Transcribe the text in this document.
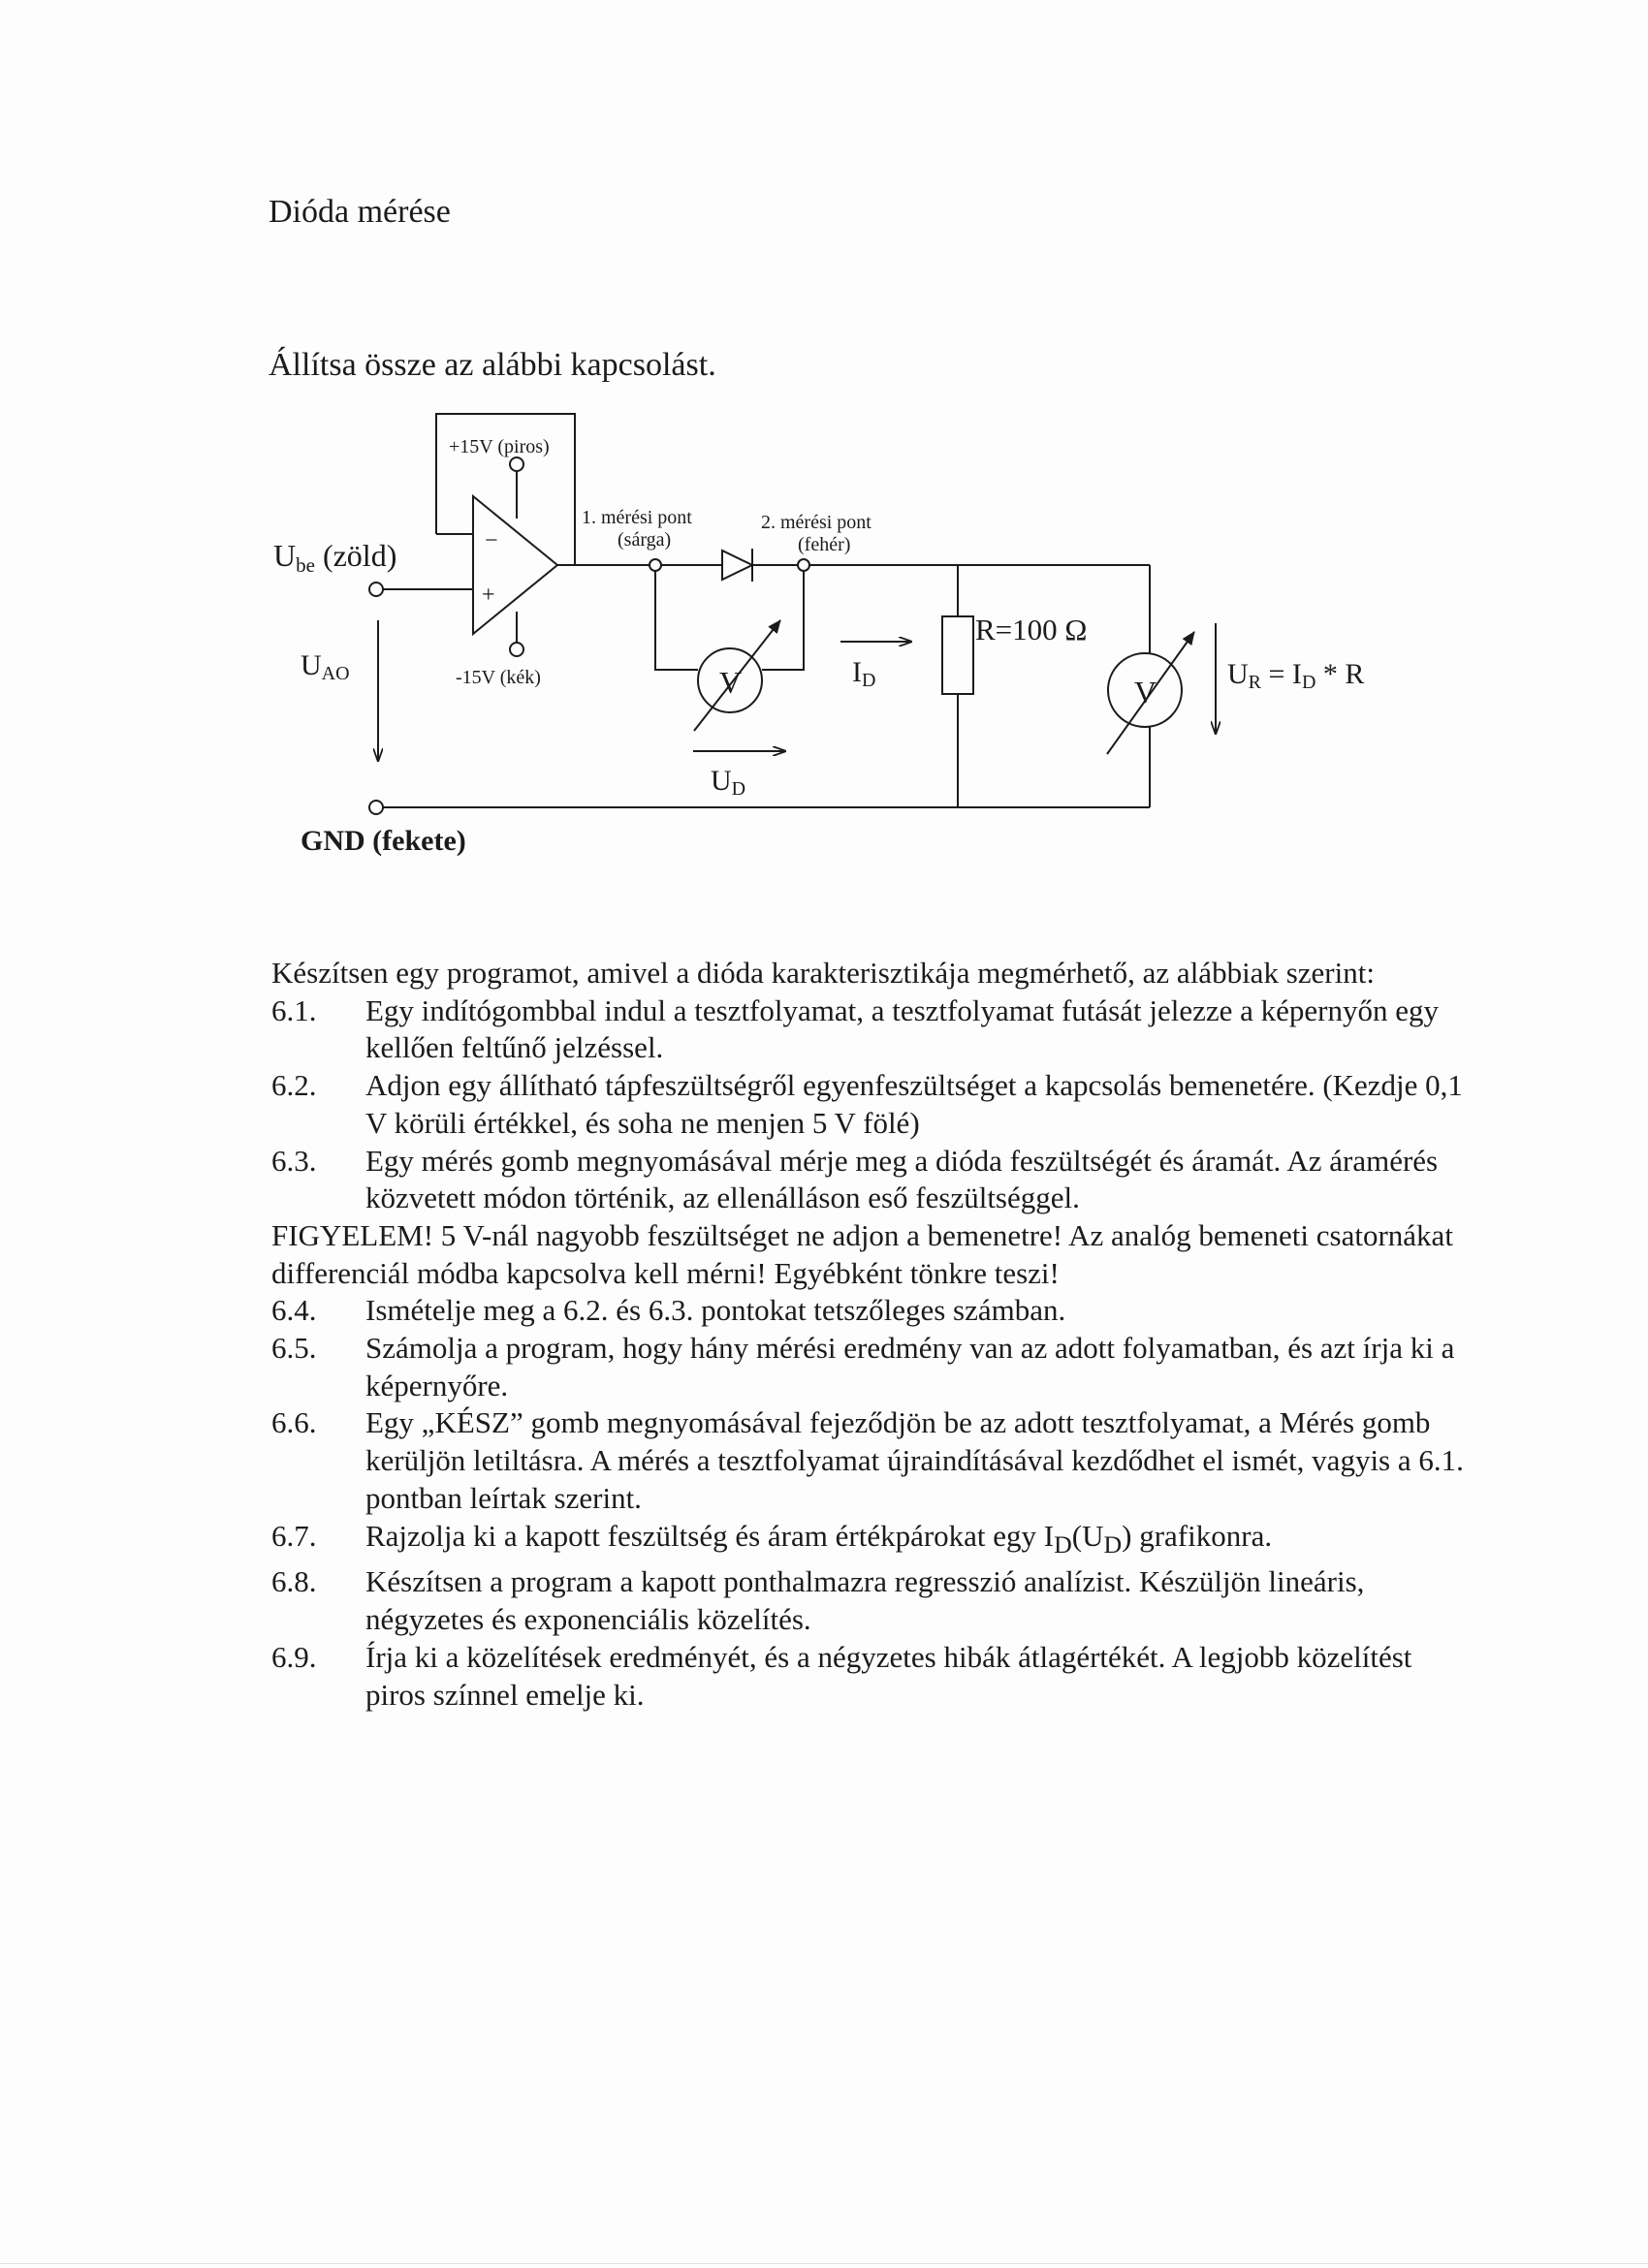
Dióda mérése
Állítsa össze az alábbi kapcsolást.
+15V (piros)
-15V (kék)
−
+
Ube (zöld)
UAO
1. mérési pont
(sárga)
2. mérési pont
(fehér)
V	V
ID
R=100 Ω
UD
UR = ID * R
GND (fekete)

Készítsen egy programot, amivel a dióda karakterisztikája megmérhető, az alábbiak szerint:

6.1.	Egy indítógombbal indul a tesztfolyamat, a tesztfolyamat futását jelezze a képernyőn egy kellően feltűnő jelzéssel.
6.2.	Adjon egy állítható tápfeszültségről egyenfeszültséget a kapcsolás bemenetére. (Kezdje 0,1 V körüli értékkel, és soha ne menjen 5 V fölé)
6.3.	Egy mérés gomb megnyomásával mérje meg a dióda feszültségét és áramát. Az áramérés közvetett módon történik, az ellenálláson eső feszültséggel.

FIGYELEM! 5 V-nál nagyobb feszültséget ne adjon a bemenetre! Az analóg bemeneti csatornákat differenciál módba kapcsolva kell mérni! Egyébként tönkre teszi!

6.4.	Ismételje meg a 6.2. és 6.3. pontokat tetszőleges számban.
6.5.	Számolja a program, hogy hány mérési eredmény van az adott folyamatban, és azt írja ki a képernyőre.
6.6.	Egy „KÉSZ” gomb megnyomásával fejeződjön be az adott tesztfolyamat, a Mérés gomb kerüljön letiltásra. A mérés a tesztfolyamat újraindításával kezdődhet el ismét, vagyis a 6.1. pontban leírtak szerint.
6.7.	Rajzolja ki a kapott feszültség és áram értékpárokat egy $I_D(U_D)$ grafikonra.
6.8.	Készítsen a program a kapott ponthalmazra regresszió analízist. Készüljön lineáris, négyzetes és exponenciális közelítés.
6.9.	Írja ki a közelítések eredményét, és a négyzetes hibák átlagértékét. A legjobb közelítést piros színnel emelje ki.
